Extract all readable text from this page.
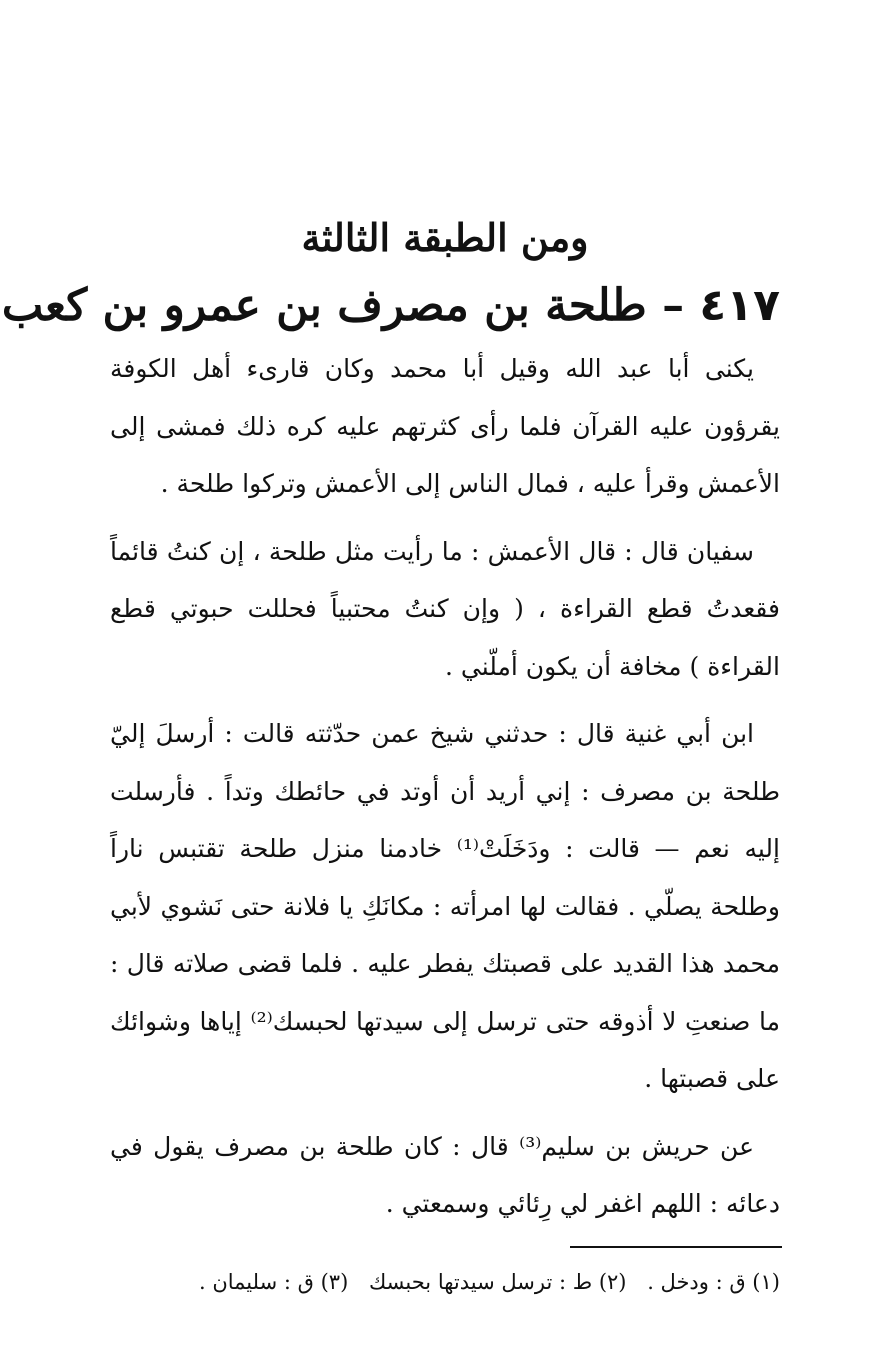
ومن الطبقة الثالثة
٤١٧ – طلحة بن مصرف بن عمرو بن كعب

يكنى أبا عبد الله وقيل أبا محمد وكان قارىء أهل الكوفة يقرؤون عليه القرآن فلما رأى كثرتهم عليه كره ذلك فمشى إلى الأعمش وقرأ عليه ، فمال الناس إلى الأعمش وتركوا طلحة .

سفيان قال : قال الأعمش : ما رأيت مثل طلحة ، إن كنتُ قائماً فقعدتُ قطع القراءة ، ( وإن كنتُ محتبياً فحللت حبوتي قطع القراءة ) مخافة أن يكون أملّني .

ابن أبي غنية قال : حدثني شيخ عمن حدّثته قالت : أرسلَ إليّ طلحة بن مصرف : إني أريد أن أوتد في حائطك وتداً . فأرسلت إليه نعم — قالت : ودَخَلَتْ⁽¹⁾ خادمنا منزل طلحة تقتبس ناراً وطلحة يصلّي . فقالت لها امرأته : مكانَكِ يا فلانة حتى نَشوي لأبي محمد هذا القديد على قصبتك يفطر عليه . فلما قضى صلاته قال : ما صنعتِ لا أذوقه حتى ترسل إلى سيدتها لحبسك⁽²⁾ إياها وشوائك على قصبتها .

عن حريش بن سليم⁽³⁾ قال : كان طلحة بن مصرف يقول في دعائه : اللهم اغفر لي رِئائي وسمعتي .

(١) ق : ودخل . (٢) ط : ترسل سيدتها بحبسك (٣) ق : سليمان .
